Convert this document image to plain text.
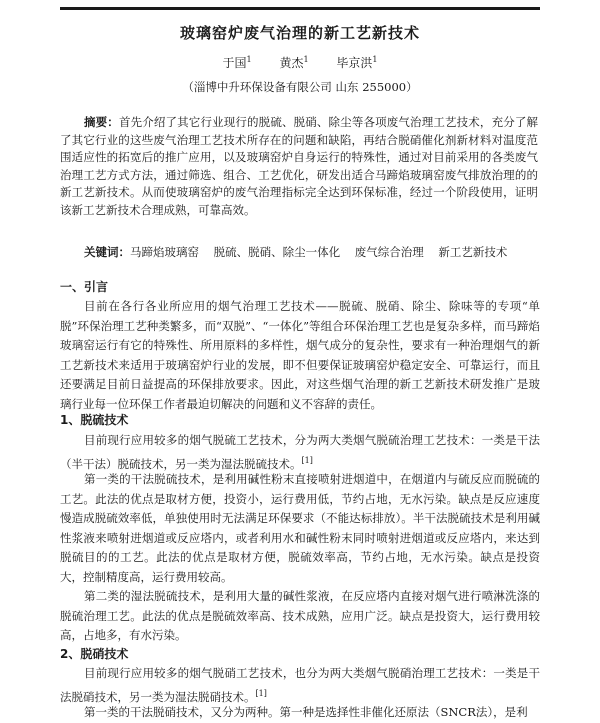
玻璃窑炉废气治理的新工艺新技术
于国$^1$ 黄杰$^1$ 毕京洪$^1$
（淄博中升环保设备有限公司 山东 255000）
摘要：首先介绍了其它行业现行的脱硫、脱硝、除尘等各项废气治理工艺技术，充分了解了其它行业的这些废气治理工艺技术所存在的问题和缺陷，再结合脱硝催化剂新材料对温度范围适应性的拓宽后的推广应用，以及玻璃窑炉自身运行的特殊性，通过对目前采用的各类废气治理工艺方式方法，通过筛选、组合、工艺优化，研发出适合马蹄焰玻璃窑废气排放治理的的新工艺新技术。从而使玻璃窑炉的废气治理指标完全达到环保标准，经过一个阶段使用，证明该新工艺新技术合理成熟，可靠高效。
关键词：马蹄焰玻璃窑    脱硫、脱硝、除尘一体化    废气综合治理    新工艺新技术
一、引言
目前在各行各业所应用的烟气治理工艺技术——脱硫、脱硝、除尘、除味等的专项“单脱”环保治理工艺种类繁多，而“双脱”、“一体化”等组合环保治理工艺也是复杂多样，而马蹄焰玻璃窑运行有它的特殊性、所用原料的多样性，烟气成分的复杂性，要求有一种治理烟气的新工艺新技术来适用于玻璃窑炉行业的发展，即不但要保证玻璃窑炉稳定安全、可靠运行，而且还要满足目前日益提高的环保排放要求。因此，对这些烟气治理的新工艺新技术研发推广是玻璃行业每一位环保工作者最迫切解决的问题和义不容辞的责任。
1、脱硫技术
目前现行应用较多的烟气脱硫工艺技术，分为两大类烟气脱硫治理工艺技术：一类是干法（半干法）脱硫技术，另一类为湿法脱硫技术。[1]
第一类的干法脱硫技术，是利用碱性粉末直接喷射进烟道中，在烟道内与硫反应而脱硫的工艺。此法的优点是取材方便，投资小，运行费用低，节约占地，无水污染。缺点是反应速度慢造成脱硫效率低，单独使用时无法满足环保要求（不能达标排放）。半干法脱硫技术是利用碱性浆液来喷射进烟道或反应塔内，或者利用水和碱性粉末同时喷射进烟道或反应塔内，来达到脱硫目的的工艺。此法的优点是取材方便，脱硫效率高，节约占地，无水污染。缺点是投资大，控制精度高，运行费用较高。
第二类的湿法脱硫技术，是利用大量的碱性浆液，在反应塔内直接对烟气进行喷淋洗涤的脱硫治理工艺。此法的优点是脱硫效率高、技术成熟，应用广泛。缺点是投资大，运行费用较高，占地多，有水污染。
2、脱硝技术
目前现行应用较多的烟气脱硝工艺技术，也分为两大类烟气脱硝治理工艺技术：一类是干法脱硝技术，另一类为湿法脱硝技术。[1]
第一类的干法脱硝技术，又分为两种。第一种是选择性非催化还原法（SNCR法），是利
